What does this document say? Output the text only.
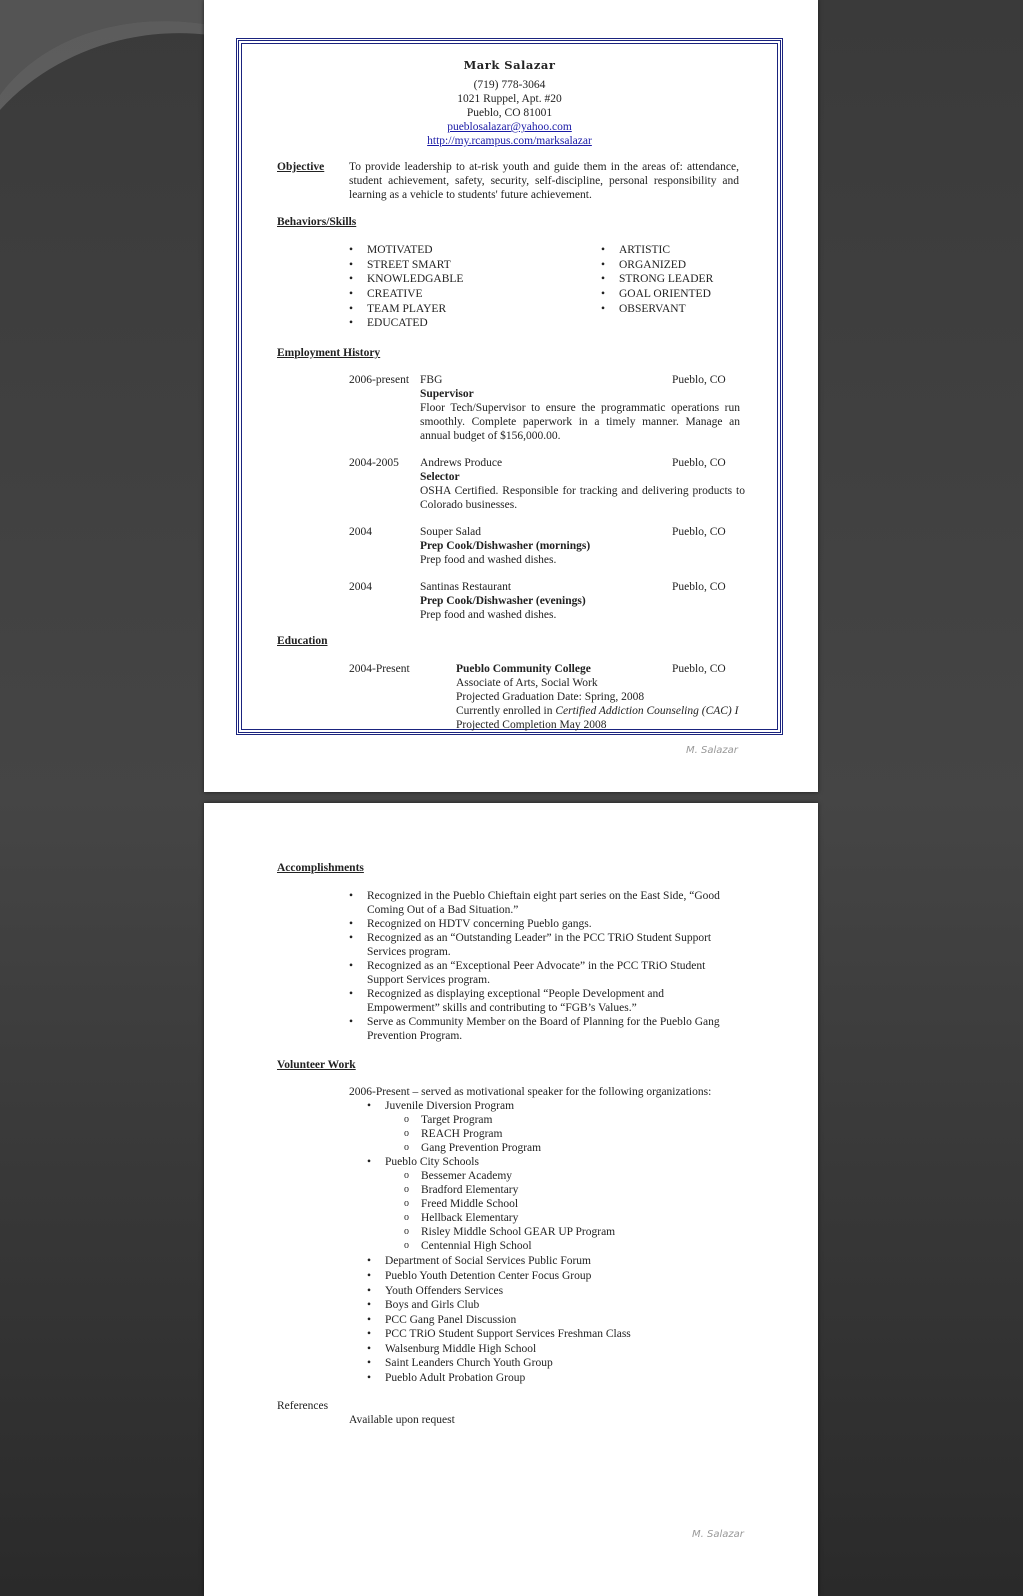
Mark Salazar
(719) 778-3064
1021 Ruppel, Apt. #20
Pueblo, CO 81001
pueblosalazar@yahoo.com
http://my.rcampus.com/marksalazar
Objective To provide leadership to at-risk youth and guide them in the areas of: attendance, student achievement, safety, security, self-discipline, personal responsibility and learning as a vehicle to students' future achievement.
Behaviors/Skills
• MOTIVATED
• STREET SMART
• KNOWLEDGABLE
• CREATIVE
• TEAM PLAYER
• EDUCATED
• ARTISTIC
• ORGANIZED
• STRONG LEADER
• GOAL ORIENTED
• OBSERVANT
Employment History
2006-present FBG	Pueblo, CO
Supervisor
Floor Tech/Supervisor to ensure the programmatic operations run smoothly. Complete paperwork in a timely manner. Manage an annual budget of $156,000.00.
2004-2005 Andrews Produce	Pueblo, CO
Selector
OSHA Certified. Responsible for tracking and delivering products to Colorado businesses.
2004	Souper Salad	Pueblo, CO
Prep Cook/Dishwasher (mornings)
Prep food and washed dishes.
2004	Santinas Restaurant	Pueblo, CO
Prep Cook/Dishwasher (evenings)
Prep food and washed dishes.
Education
2004-Present	Pueblo Community College	Pueblo, CO
Associate of Arts, Social Work
Projected Graduation Date: Spring, 2008
Currently enrolled in Certified Addiction Counseling (CAC) I
Projected Completion May 2008
M. Salazar
Accomplishments
• Recognized in the Pueblo Chieftain eight part series on the East Side, “Good Coming Out of a Bad Situation.”
• Recognized on HDTV concerning Pueblo gangs.
• Recognized as an “Outstanding Leader” in the PCC TRiO Student Support Services program.
• Recognized as an “Exceptional Peer Advocate” in the PCC TRiO Student Support Services program.
• Recognized as displaying exceptional “People Development and Empowerment” skills and contributing to “FGB’s Values.”
• Serve as Community Member on the Board of Planning for the Pueblo Gang Prevention Program.
Volunteer Work
2006-Present – served as motivational speaker for the following organizations:
• Juvenile Diversion Program
o Target Program
o REACH Program
o Gang Prevention Program
• Pueblo City Schools
o Bessemer Academy
o Bradford Elementary
o Freed Middle School
o Hellback Elementary
o Risley Middle School GEAR UP Program
o Centennial High School
• Department of Social Services Public Forum
• Pueblo Youth Detention Center Focus Group
• Youth Offenders Services
• Boys and Girls Club
• PCC Gang Panel Discussion
• PCC TRiO Student Support Services Freshman Class
• Walsenburg Middle High School
• Saint Leanders Church Youth Group
• Pueblo Adult Probation Group
References
Available upon request
M. Salazar
